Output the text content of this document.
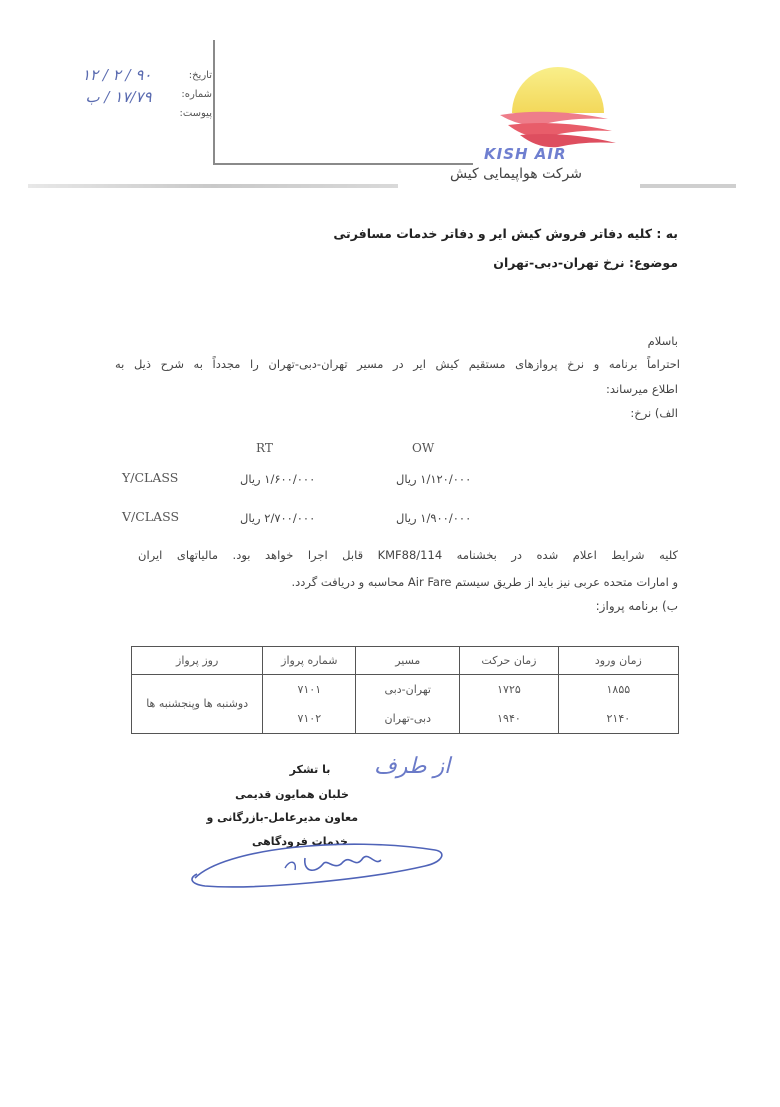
تاریخ:
شماره:
پیوست:
۹۰ / ۲ / ۱۲
۱۷/۷۹ / ب
KISH AIR
شرکت هواپیمایی کیش
به : کلیه دفاتر فروش کیش ایر و دفاتر خدمات مسافرتی
موضوع: نرخ تهران-دبی-تهران
باسلام
احتراماً برنامه و نرخ پروازهای مستقیم کیش ایر در مسیر تهران-دبی-تهران را مجدداً به شرح ذیل به
اطلاع میرساند:
الف) نرخ:
RT	OW
Y/CLASS	۱/۶۰۰/۰۰۰ ریال	۱/۱۲۰/۰۰۰ ریال
V/CLASS	۲/۷۰۰/۰۰۰ ریال	۱/۹۰۰/۰۰۰ ریال
کلیه شرایط اعلام شده در بخشنامه KMF88/114 قابل اجرا خواهد بود. مالیاتهای ایران
و امارات متحده عربی نیز باید از طریق سیستم Air Fare محاسبه و دریافت گردد.
ب) برنامه پرواز:
زمان ورود	زمان حرکت	مسیر	شماره پرواز	روز پرواز
۱۸۵۵	۱۷۲۵	تهران-دبی	۷۱۰۱	دوشنبه ها وپنجشنبه ها
۲۱۴۰	۱۹۴۰	دبی-تهران	۷۱۰۲	
از طرف
با تشکر
خلبان همایون قدیمی
معاون مدیرعامل-بازرگانی و
خدمات فرودگاهی
